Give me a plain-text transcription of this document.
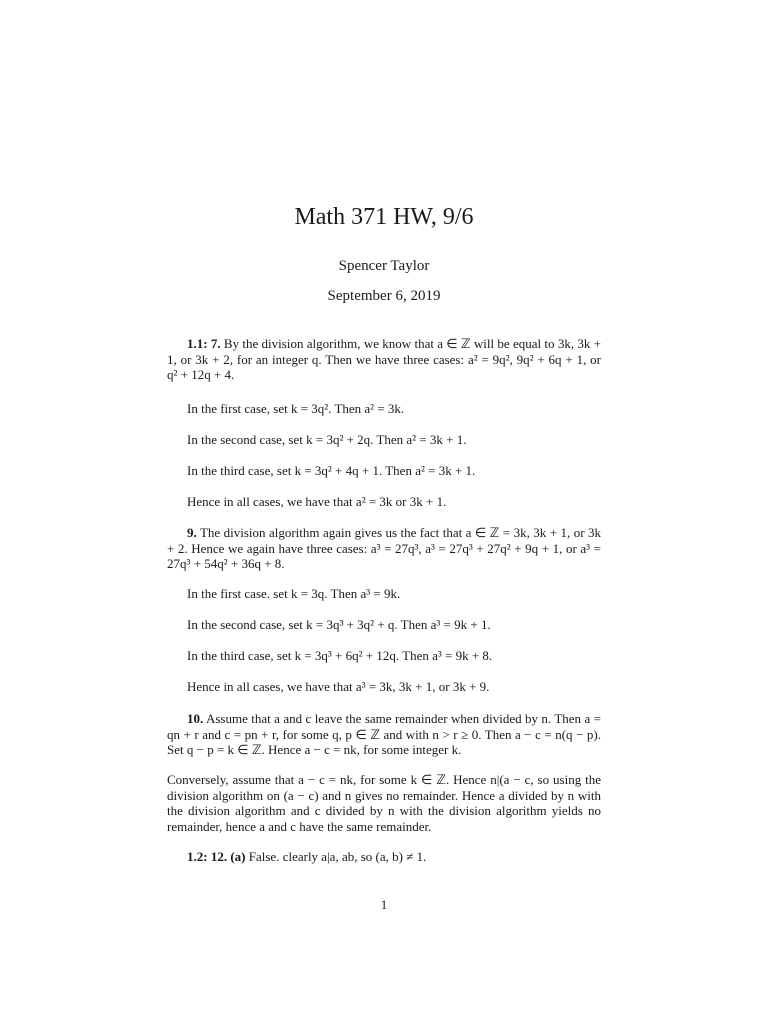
Math 371 HW, 9/6
Spencer Taylor
September 6, 2019
1.1: 7. By the division algorithm, we know that a ∈ ℤ will be equal to 3k, 3k + 1, or 3k + 2, for an integer q. Then we have three cases: a² = 9q², 9q² + 6q + 1, or q² + 12q + 4.
In the first case, set k = 3q². Then a² = 3k.
In the second case, set k = 3q² + 2q. Then a² = 3k + 1.
In the third case, set k = 3q² + 4q + 1. Then a² = 3k + 1.
Hence in all cases, we have that a² = 3k or 3k + 1.
9. The division algorithm again gives us the fact that a ∈ ℤ = 3k, 3k + 1, or 3k + 2. Hence we again have three cases: a³ = 27q³, a³ = 27q³ + 27q² + 9q + 1, or a³ = 27q³ + 54q² + 36q + 8.
In the first case. set k = 3q. Then a³ = 9k.
In the second case, set k = 3q³ + 3q² + q. Then a³ = 9k + 1.
In the third case, set k = 3q³ + 6q² + 12q. Then a³ = 9k + 8.
Hence in all cases, we have that a³ = 3k, 3k + 1, or 3k + 9.
10. Assume that a and c leave the same remainder when divided by n. Then a = qn + r and c = pn + r, for some q, p ∈ ℤ and with n > r ≥ 0. Then a − c = n(q − p). Set q − p = k ∈ ℤ. Hence a − c = nk, for some integer k.
Conversely, assume that a − c = nk, for some k ∈ ℤ. Hence n|(a − c, so using the division algorithm on (a − c) and n gives no remainder. Hence a divided by n with the division algorithm and c divided by n with the division algorithm yields no remainder, hence a and c have the same remainder.
1.2: 12. (a) False. clearly a|a, ab, so (a, b) ≠ 1.
1
